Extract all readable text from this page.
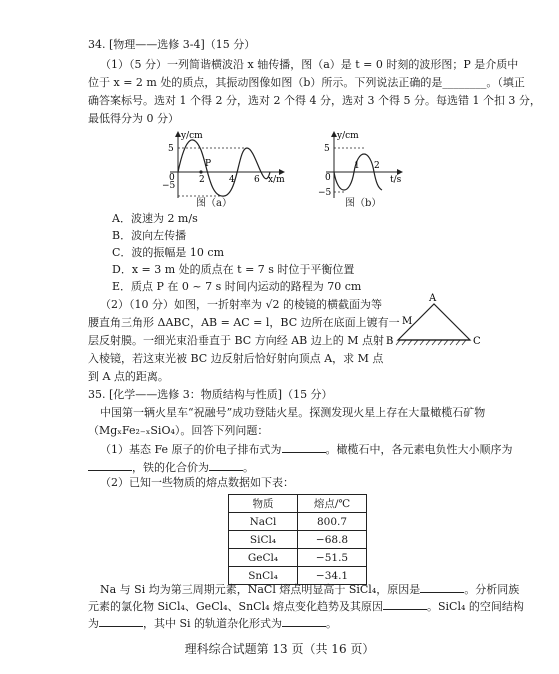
34. [物理——选修 3-4]（15 分）
（1）（5 分）一列简谐横波沿 x 轴传播，图（a）是 t = 0 时刻的波形图；P 是介质中
位于 x = 2 m 处的质点，其振动图像如图（b）所示。下列说法正确的是________。（填正
确答案标号。选对 1 个得 2 分，选对 2 个得 4 分，选对 3 个得 5 分。每选错 1 个扣 3 分，
最低得分为 0 分）
y/cm
x/m
P
5
−5
0	2	4 6
图（a）
y/cm
t/s
5
−5
0
1 2
图（b）
A．波速为 2 m/s
B．波向左传播
C．波的振幅是 10 cm
D．x = 3 m 处的质点在 t = 7 s 时位于平衡位置
E．质点 P 在 0 ~ 7 s 时间内运动的路程为 70 cm
（2）（10 分）如图，一折射率为 √2 的棱镜的横截面为等
腰直角三角形 ΔABC，AB = AC = l，BC 边所在底面上镀有一
层反射膜。一细光束沿垂直于 BC 方向经 AB 边上的 M 点射
入棱镜，若这束光被 BC 边反射后恰好射向顶点 A，求 M 点
到 A 点的距离。
A
B	C
M
35. [化学——选修 3：物质结构与性质]（15 分）
中国第一辆火星车“祝融号”成功登陆火星。探测发现火星上存在大量橄榄石矿物
（MgₓFe₂₋ₓSiO₄）。回答下列问题：
（1）基态 Fe 原子的价电子排布式为	。橄榄石中，各元素电负性大小顺序为
，铁的化合价为	。
（2）已知一些物质的熔点数据如下表：
物质	熔点/℃
NaCl	800.7
SiCl₄	−68.8
GeCl₄	−51.5
SnCl₄	−34.1
Na 与 Si 均为第三周期元素，NaCl 熔点明显高于 SiCl₄，原因是	。分析同族
元素的氯化物 SiCl₄、GeCl₄、SnCl₄ 熔点变化趋势及其原因	。SiCl₄ 的空间结构
为	，其中 Si 的轨道杂化形式为	。
理科综合试题第 13 页（共 16 页）
